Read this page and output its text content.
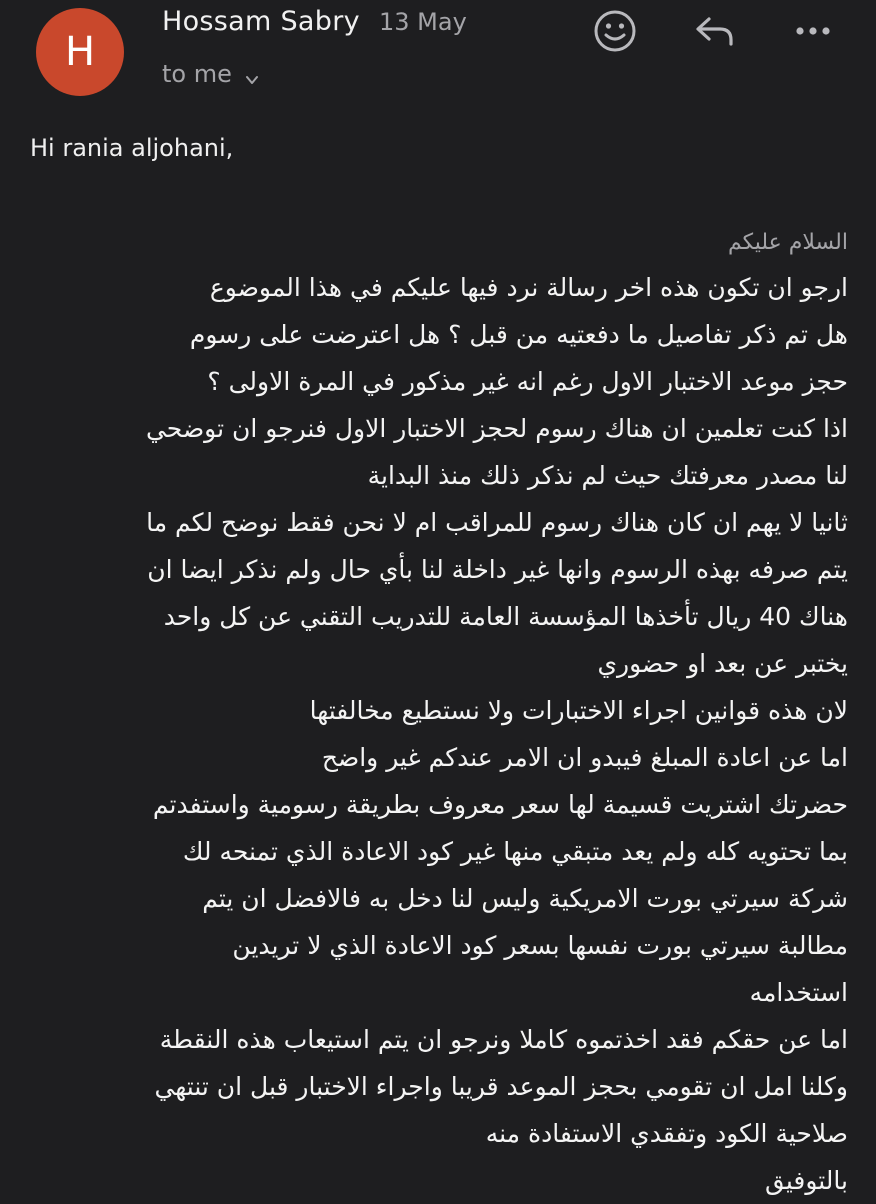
H
Hossam Sabry 13 May
to me
Hi rania aljohani,
السلام عليكم
ارجو ان تكون هذه اخر رسالة نرد فيها عليكم في هذا الموضوع
هل تم ذكر تفاصيل ما دفعتيه من قبل ؟ هل اعترضت على رسوم
حجز موعد الاختبار الاول رغم انه غير مذكور في المرة الاولى ؟
اذا كنت تعلمين ان هناك رسوم لحجز الاختبار الاول فنرجو ان توضحي
لنا مصدر معرفتك حيث لم نذكر ذلك منذ البداية
ثانيا لا يهم ان كان هناك رسوم للمراقب ام لا نحن فقط نوضح لكم ما
يتم صرفه بهذه الرسوم وانها غير داخلة لنا بأي حال ولم نذكر ايضا ان
هناك 40 ريال تأخذها المؤسسة العامة للتدريب التقني عن كل واحد
يختبر عن بعد او حضوري
لان هذه قوانين اجراء الاختبارات ولا نستطيع مخالفتها
اما عن اعادة المبلغ فيبدو ان الامر عندكم غير واضح
حضرتك اشتريت قسيمة لها سعر معروف بطريقة رسومية واستفدتم
بما تحتويه كله ولم يعد متبقي منها غير كود الاعادة الذي تمنحه لك
شركة سيرتي بورت الامريكية وليس لنا دخل به فالافضل ان يتم
مطالبة سيرتي بورت نفسها بسعر كود الاعادة الذي لا تريدين
استخدامه
اما عن حقكم فقد اخذتموه كاملا ونرجو ان يتم استيعاب هذه النقطة
وكلنا امل ان تقومي بحجز الموعد قريبا واجراء الاختبار قبل ان تنتهي
صلاحية الكود وتفقدي الاستفادة منه
بالتوفيق
